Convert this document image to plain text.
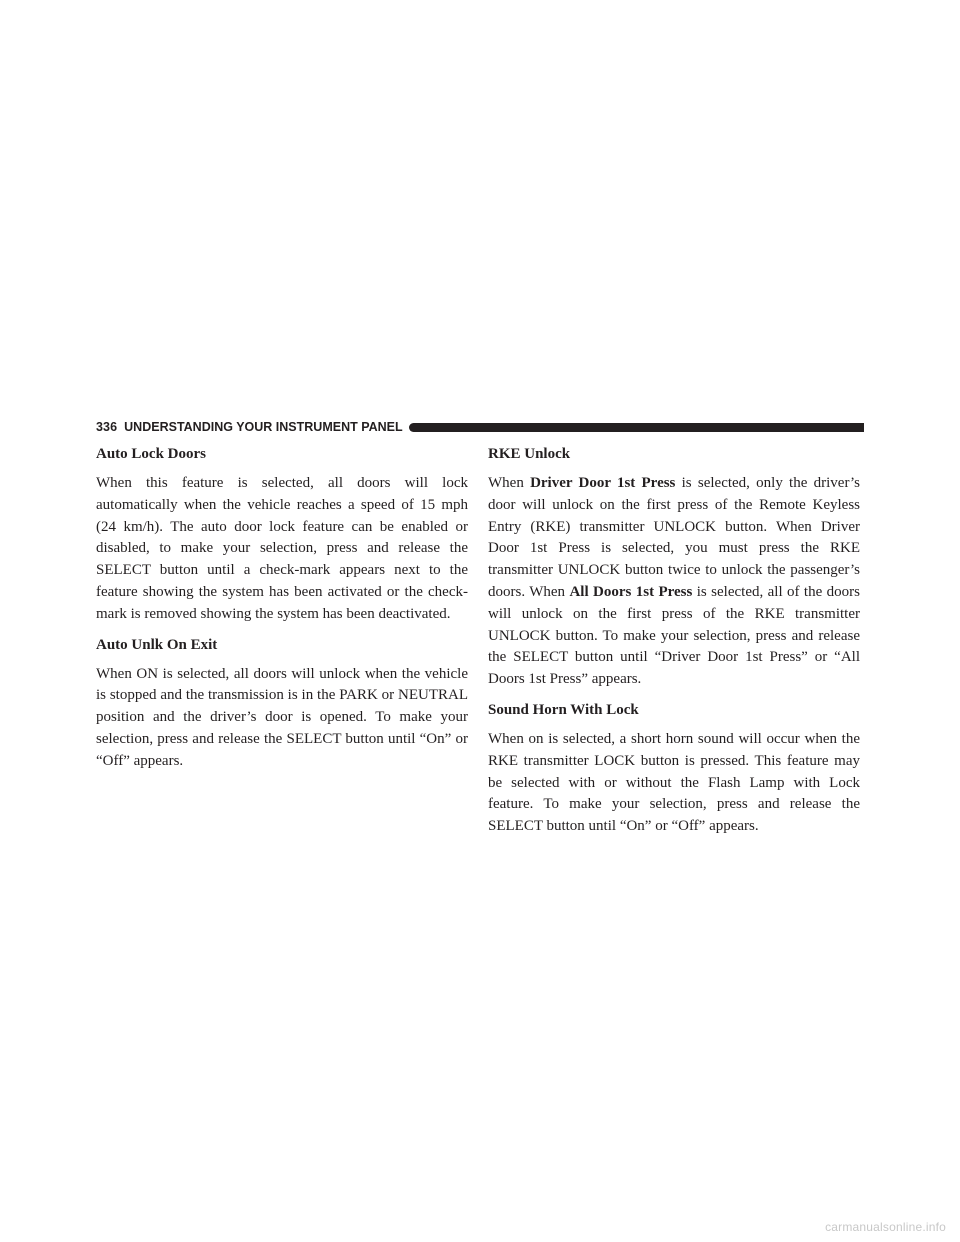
336 UNDERSTANDING YOUR INSTRUMENT PANEL
Auto Lock Doors

When this feature is selected, all doors will lock automatically when the vehicle reaches a speed of 15 mph (24 km/h). The auto door lock feature can be enabled or disabled, to make your selection, press and release the SELECT button until a check-mark appears next to the feature showing the system has been activated or the check-mark is removed showing the system has been deactivated.

Auto Unlk On Exit

When ON is selected, all doors will unlock when the vehicle is stopped and the transmission is in the PARK or NEUTRAL position and the driver’s door is opened. To make your selection, press and release the SELECT button until “On” or “Off” appears.

RKE Unlock

When Driver Door 1st Press is selected, only the driver’s door will unlock on the first press of the Remote Keyless Entry (RKE) transmitter UNLOCK button. When Driver Door 1st Press is selected, you must press the RKE transmitter UNLOCK button twice to unlock the passenger’s doors. When All Doors 1st Press is selected, all of the doors will unlock on the first press of the RKE transmitter UNLOCK button. To make your selection, press and release the SELECT button until “Driver Door 1st Press” or “All Doors 1st Press” appears.

Sound Horn With Lock

When on is selected, a short horn sound will occur when the RKE transmitter LOCK button is pressed. This feature may be selected with or without the Flash Lamp with Lock feature. To make your selection, press and release the SELECT button until “On” or “Off” appears.

carmanualsonline.info
